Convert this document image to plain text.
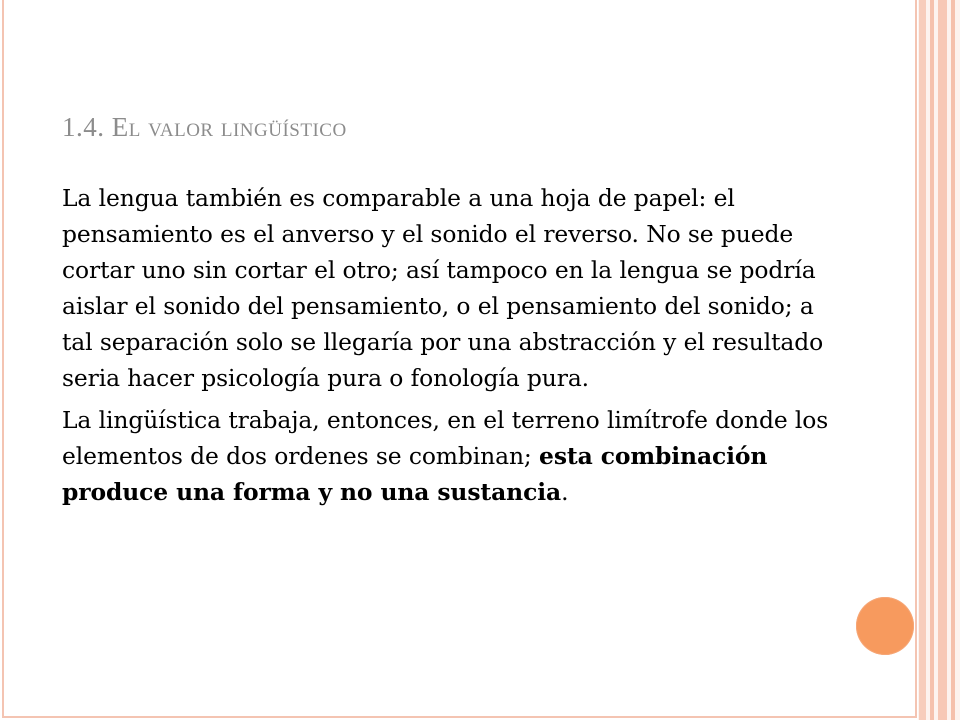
1.4. El valor lingüístico

La lengua también es comparable a una hoja de papel: el pensamiento es el anverso y el sonido el reverso. No se puede cortar uno sin cortar el otro; así tampoco en la lengua se podría aislar el sonido del pensamiento, o el pensamiento del sonido; a tal separación solo se llegaría por una abstracción y el resultado seria hacer psicología pura o fonología pura.

La lingüística trabaja, entonces, en el terreno limítrofe donde los elementos de dos ordenes se combinan; esta combinación produce una forma y no una sustancia.
